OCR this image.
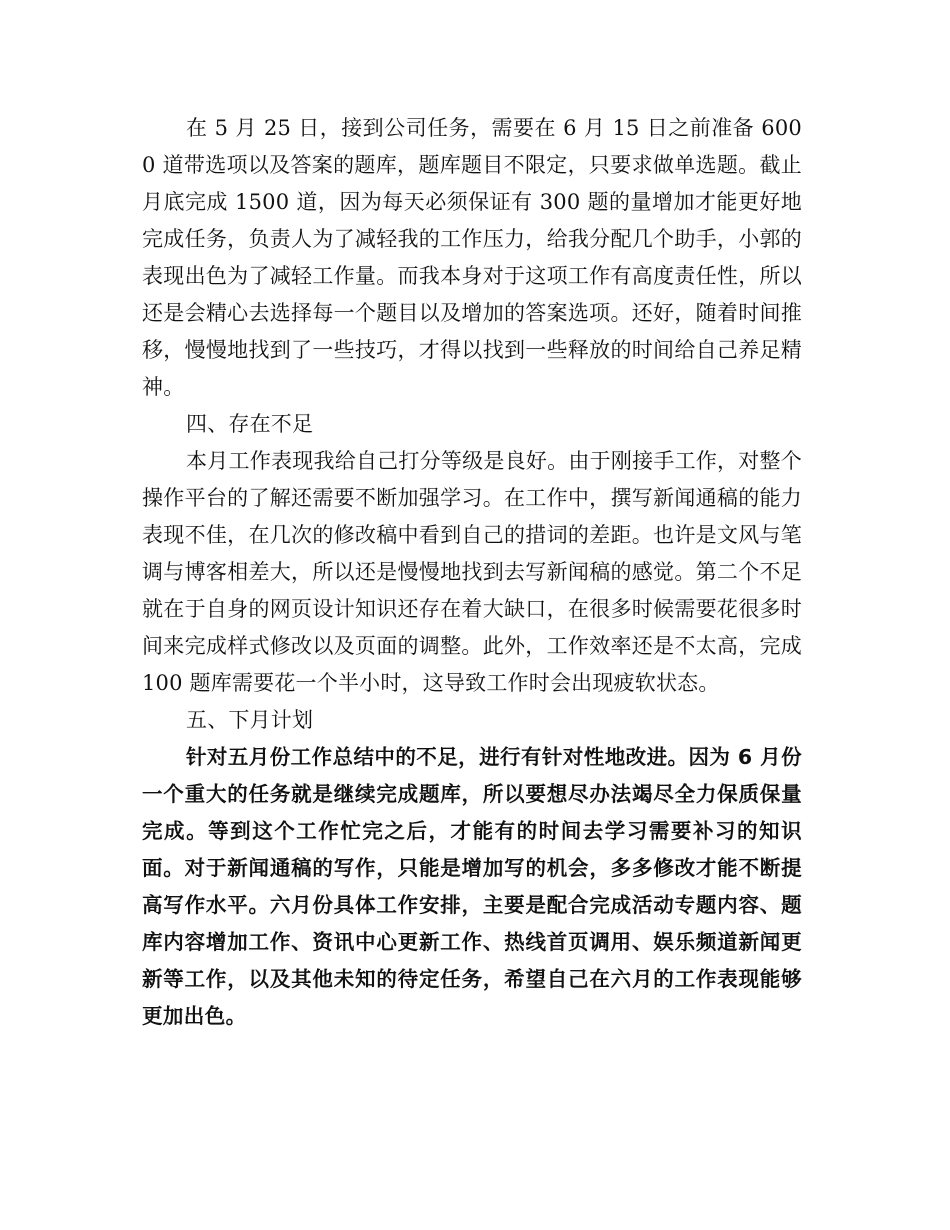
在 5 月 25 日，接到公司任务，需要在 6 月 15 日之前准备 6000 道带选项以及答案的题库，题库题目不限定，只要求做单选题。截止月底完成 1500 道，因为每天必须保证有 300 题的量增加才能更好地完成任务，负责人为了减轻我的工作压力，给我分配几个助手，小郭的表现出色为了减轻工作量。而我本身对于这项工作有高度责任性，所以还是会精心去选择每一个题目以及增加的答案选项。还好，随着时间推移，慢慢地找到了一些技巧，才得以找到一些释放的时间给自己养足精神。

四、存在不足

本月工作表现我给自己打分等级是良好。由于刚接手工作，对整个操作平台的了解还需要不断加强学习。在工作中，撰写新闻通稿的能力表现不佳，在几次的修改稿中看到自己的措词的差距。也许是文风与笔调与博客相差大，所以还是慢慢地找到去写新闻稿的感觉。第二个不足就在于自身的网页设计知识还存在着大缺口，在很多时候需要花很多时间来完成样式修改以及页面的调整。此外，工作效率还是不太高，完成 100 题库需要花一个半小时，这导致工作时会出现疲软状态。

五、下月计划

针对五月份工作总结中的不足，进行有针对性地改进。因为 6 月份一个重大的任务就是继续完成题库，所以要想尽办法竭尽全力保质保量完成。等到这个工作忙完之后，才能有的时间去学习需要补习的知识面。对于新闻通稿的写作，只能是增加写的机会，多多修改才能不断提高写作水平。六月份具体工作安排，主要是配合完成活动专题内容、题库内容增加工作、资讯中心更新工作、热线首页调用、娱乐频道新闻更新等工作，以及其他未知的待定任务，希望自己在六月的工作表现能够更加出色。
